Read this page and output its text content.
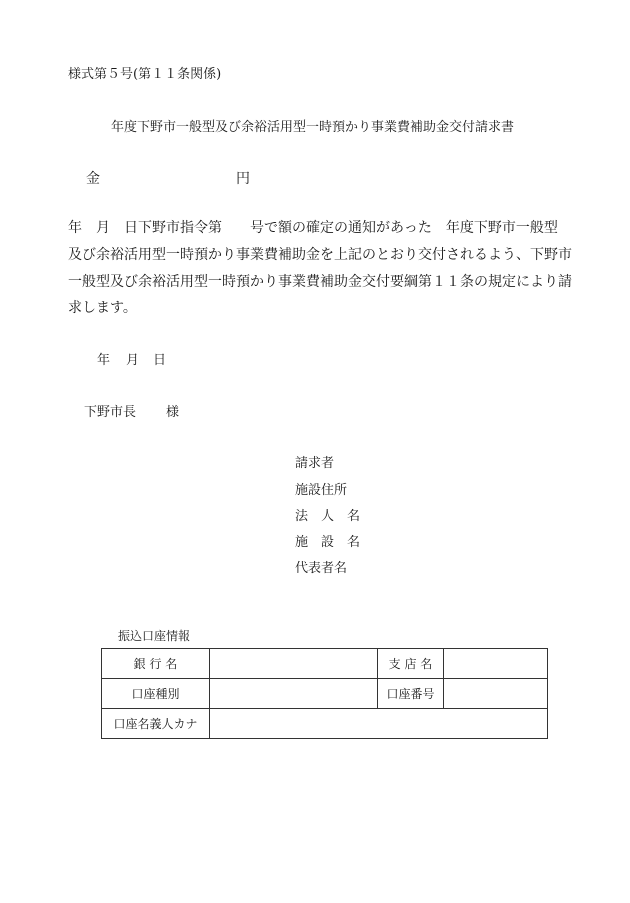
様式第５号(第１１条関係)
年度下野市一般型及び余裕活用型一時預かり事業費補助金交付請求書
金	円
年　月　日下野市指令第　　号で額の確定の通知があった　年度下野市一般型
及び余裕活用型一時預かり事業費補助金を上記のとおり交付されるよう、下野市
一般型及び余裕活用型一時預かり事業費補助金交付要綱第１１条の規定により請
求します。
年 月 日
下野市長 様
請求者
施設住所
法　人　名
施　設　名
代表者名
振込口座情報
銀 行 名		支 店 名	
口座種別		口座番号	
口座名義人カナ			
